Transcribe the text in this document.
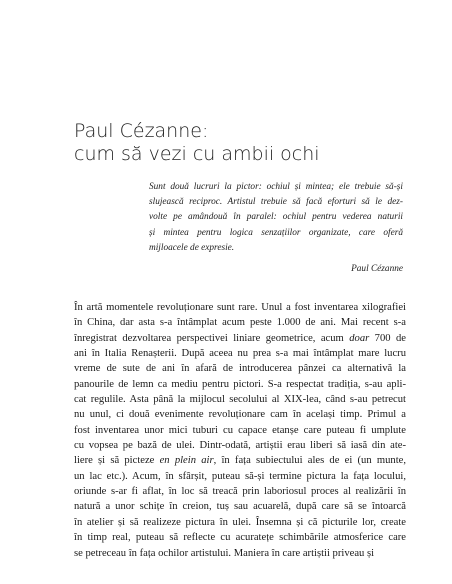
Paul Cézanne:
cum să vezi cu ambii ochi
Sunt două lucruri la pictor: ochiul și mintea; ele trebuie să-și
slujească reciproc. Artistul trebuie să facă eforturi să le dez-
volte pe amândouă în paralel: ochiul pentru vederea naturii
și mintea pentru logica senzațiilor organizate, care oferă
mijloacele de expresie.
Paul Cézanne
În artă momentele revoluționare sunt rare. Unul a fost inventarea xilografiei
în China, dar asta s-a întâmplat acum peste 1.000 de ani. Mai recent s-a
înregistrat dezvoltarea perspectivei liniare geometrice, acum doar 700 de
ani în Italia Renașterii. După aceea nu prea s-a mai întâmplat mare lucru
vreme de sute de ani în afară de introducerea pânzei ca alternativă la
panourile de lemn ca mediu pentru pictori. S-a respectat tradiția, s-au apli-
cat regulile. Asta până la mijlocul secolului al XIX-lea, când s-au petrecut
nu unul, ci două evenimente revoluționare cam în același timp. Primul a
fost inventarea unor mici tuburi cu capace etanșe care puteau fi umplute
cu vopsea pe bază de ulei. Dintr-odată, artiștii erau liberi să iasă din ate-
liere și să picteze en plein air, în fața subiectului ales de ei (un munte,
un lac etc.). Acum, în sfârșit, puteau să-și termine pictura la fața locului,
oriunde s-ar fi aflat, în loc să treacă prin laboriosul proces al realizării în
natură a unor schițe în creion, tuș sau acuarelă, după care să se întoarcă
în atelier și să realizeze pictura în ulei. Însemna și că picturile lor, create
în timp real, puteau să reflecte cu acuratețe schimbările atmosferice care
se petreceau în fața ochilor artistului. Maniera în care artiștii priveau și
